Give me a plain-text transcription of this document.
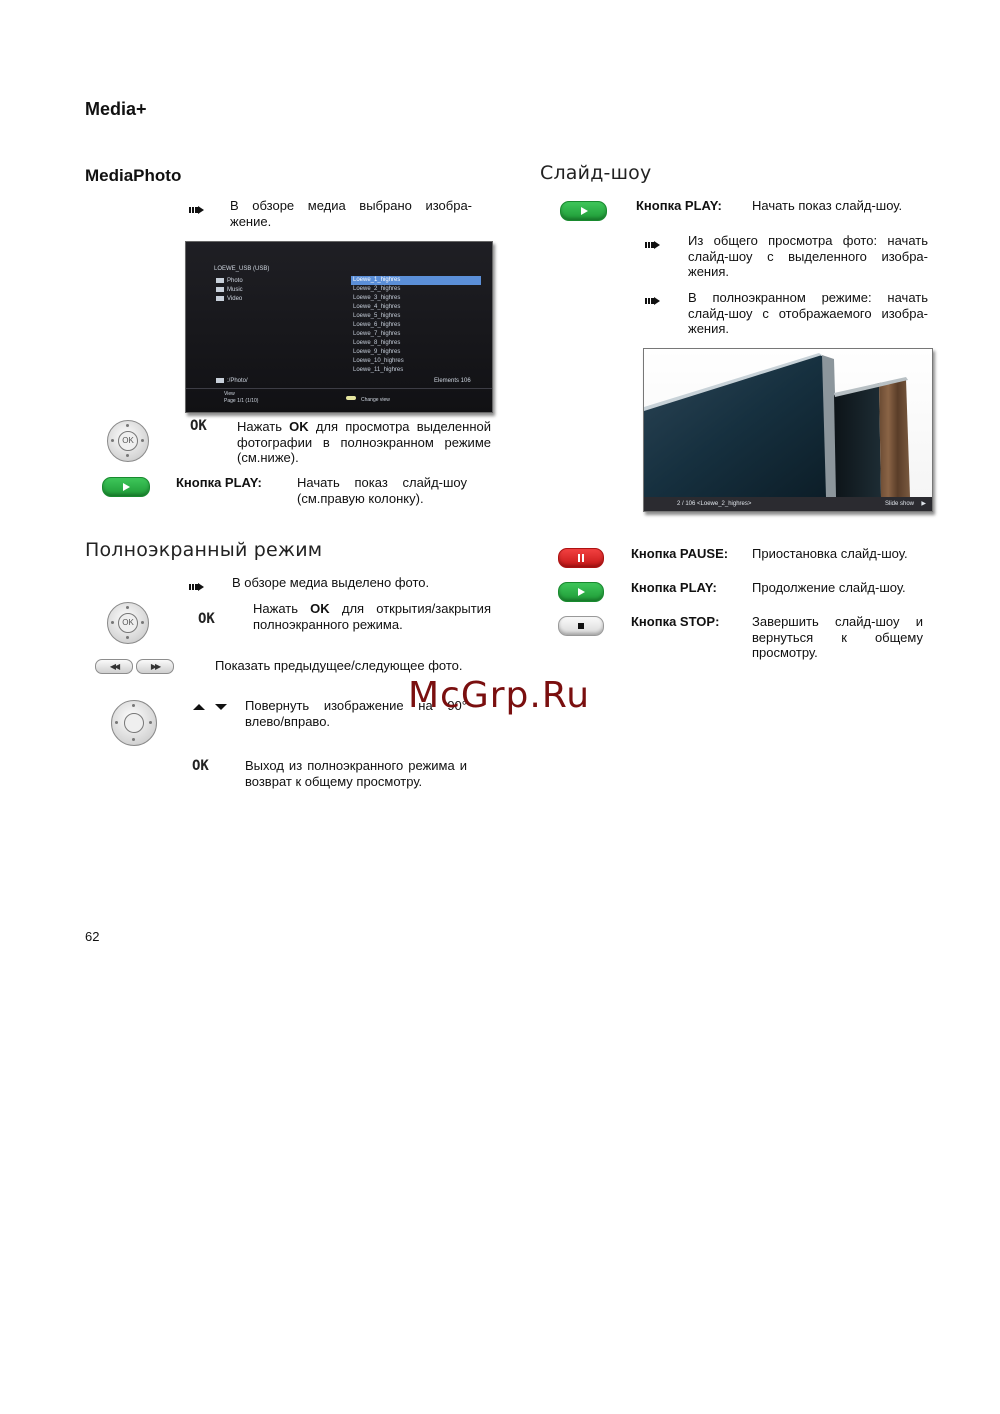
Media+
MediaPhoto
В обзоре медиа выбрано изобра-жение.
LOEWE_USB (USB)
Photo
Music
Video
Loewe_1_highres
Loewe_2_highres
Loewe_3_highres
Loewe_4_highres
Loewe_5_highres
Loewe_6_highres
Loewe_7_highres
Loewe_8_highres
Loewe_9_highres
Loewe_10_highres
Loewe_11_highres
:/Photo/	Elements 106
View
Page 1/1 (1/10)	Change view
OK
OK Нажать OK для просмотра выделенной фотографии в полноэкранном режиме (см.ниже).
Кнопка PLAY:	Начать показ слайд-шоу (см.правую колонку).
Полноэкранный режим
В обзоре медиа выделено фото.
OK	OK
Нажать OK для открытия/закрытия полноэкранного режима.
◀◀	▶▶	Показать предыдущее/следующее фото.
Повернуть изображение на 90° влево/вправо.
OK	Выход из полноэкранного режима и возврат к общему просмотру.
Слайд-шоу
Кнопка PLAY: Начать показ слайд-шоу.
Из общего просмотра фото: начать слайд-шоу с выделенного изобра-жения.
В полноэкранном режиме: начать слайд-шоу с отображаемого изобра-жения.
2 / 106 <Loewe_2_highres>	Slide show ▶
Кнопка PAUSE: Приостановка слайд-шоу.
Кнопка PLAY:	Продолжение слайд-шоу.
Кнопка STOP:	Завершить слайд-шоу и вернуться к общему просмотру.
McGrp.Ru
62
